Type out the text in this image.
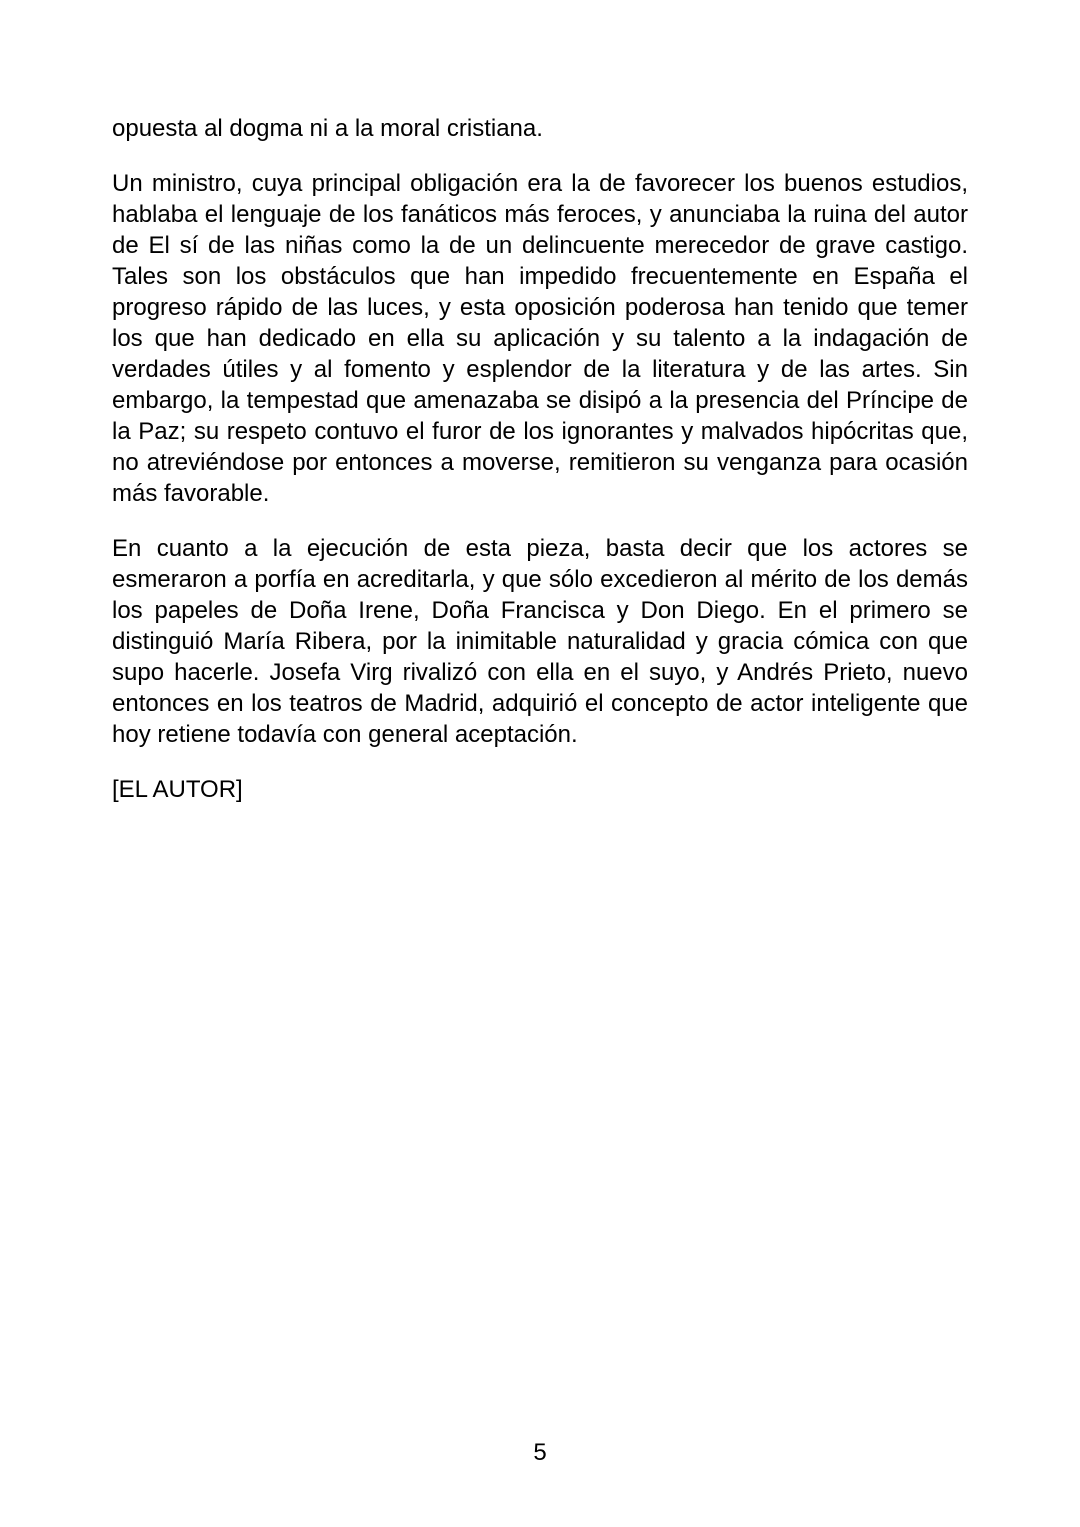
opuesta al dogma ni a la moral cristiana.

Un ministro, cuya principal obligación era la de favorecer los buenos estudios, hablaba el lenguaje de los fanáticos más feroces, y anunciaba la ruina del autor de El sí de las niñas como la de un delincuente merecedor de grave castigo. Tales son los obstáculos que han impedido frecuentemente en España el progreso rápido de las luces, y esta oposición poderosa han tenido que temer los que han dedicado en ella su aplicación y su talento a la indagación de verdades útiles y al fomento y esplendor de la literatura y de las artes. Sin embargo, la tempestad que amenazaba se disipó a la presencia del Príncipe de la Paz; su respeto contuvo el furor de los ignorantes y malvados hipócritas que, no atreviéndose por entonces a moverse, remitieron su venganza para ocasión más favorable.

En cuanto a la ejecución de esta pieza, basta decir que los actores se esmeraron a porfía en acreditarla, y que sólo excedieron al mérito de los demás los papeles de Doña Irene, Doña Francisca y Don Diego. En el primero se distinguió María Ribera, por la inimitable naturalidad y gracia cómica con que supo hacerle. Josefa Virg rivalizó con ella en el suyo, y Andrés Prieto, nuevo entonces en los teatros de Madrid, adquirió el concepto de actor inteligente que hoy retiene todavía con general aceptación.

[EL AUTOR]

5
